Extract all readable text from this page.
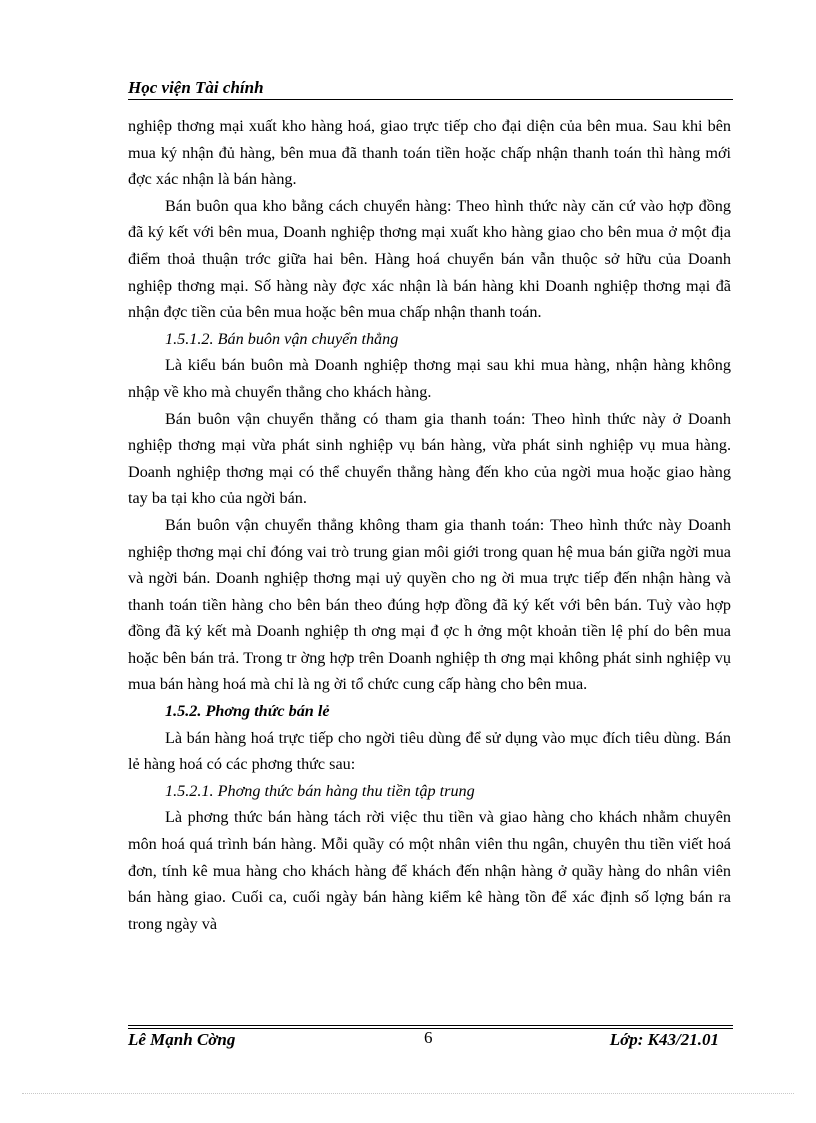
Học viện Tài chính

nghiệp thơng mại xuất kho hàng hoá, giao trực tiếp cho đại diện của bên mua. Sau khi bên mua ký nhận đủ hàng, bên mua đã thanh toán tiền hoặc chấp nhận thanh toán thì hàng mới đợc xác nhận là bán hàng.

Bán buôn qua kho bằng cách chuyển hàng: Theo hình thức này căn cứ vào hợp đồng đã ký kết với bên mua, Doanh nghiệp thơng mại xuất kho hàng giao cho bên mua ở một địa điểm thoả thuận trớc giữa hai bên. Hàng hoá chuyển bán vẫn thuộc sở hữu của Doanh nghiệp thơng mại. Số hàng này đợc xác nhận là bán hàng khi Doanh nghiệp thơng mại đã nhận đợc tiền của bên mua hoặc bên mua chấp nhận thanh toán.

1.5.1.2. Bán buôn vận chuyển thẳng

Là kiểu bán buôn mà Doanh nghiệp thơng mại sau khi mua hàng, nhận hàng không nhập về kho mà chuyển thẳng cho khách hàng.

Bán buôn vận chuyển thẳng có tham gia thanh toán: Theo hình thức này ở Doanh nghiệp thơng mại vừa phát sinh nghiệp vụ bán hàng, vừa phát sinh nghiệp vụ mua hàng. Doanh nghiệp thơng mại có thể chuyển thẳng hàng đến kho của ngời mua hoặc giao hàng tay ba tại kho của ngời bán.

Bán buôn vận chuyển thẳng không tham gia thanh toán: Theo hình thức này Doanh nghiệp thơng mại chỉ đóng vai trò trung gian môi giới trong quan hệ mua bán giữa ngời mua và ngời bán. Doanh nghiệp thơng mại uỷ quyền cho ng ời mua trực tiếp đến nhận hàng và thanh toán tiền hàng cho bên bán theo đúng hợp đồng đã ký kết với bên bán. Tuỳ vào hợp đồng đã ký kết mà Doanh nghiệp th ơng mại đ ợc h ởng một khoản tiền lệ phí do bên mua hoặc bên bán trả. Trong tr ờng hợp trên Doanh nghiệp th ơng mại không phát sinh nghiệp vụ mua bán hàng hoá mà chỉ là ng ời tổ chức cung cấp hàng cho bên mua.

1.5.2. Phơng thức bán lẻ

Là bán hàng hoá trực tiếp cho ngời tiêu dùng để sử dụng vào mục đích tiêu dùng. Bán lẻ hàng hoá có các phơng thức sau:

1.5.2.1. Phơng thức bán hàng thu tiền tập trung

Là phơng thức bán hàng tách rời việc thu tiền và giao hàng cho khách nhằm chuyên môn hoá quá trình bán hàng. Mỗi quầy có một nhân viên thu ngân, chuyên thu tiền viết hoá đơn, tính kê mua hàng cho khách hàng để khách đến nhận hàng ở quầy hàng do nhân viên bán hàng giao. Cuối ca, cuối ngày bán hàng kiểm kê hàng tồn để xác định số lợng bán ra trong ngày và

Lê Mạnh Cờng	6	Lớp: K43/21.01
